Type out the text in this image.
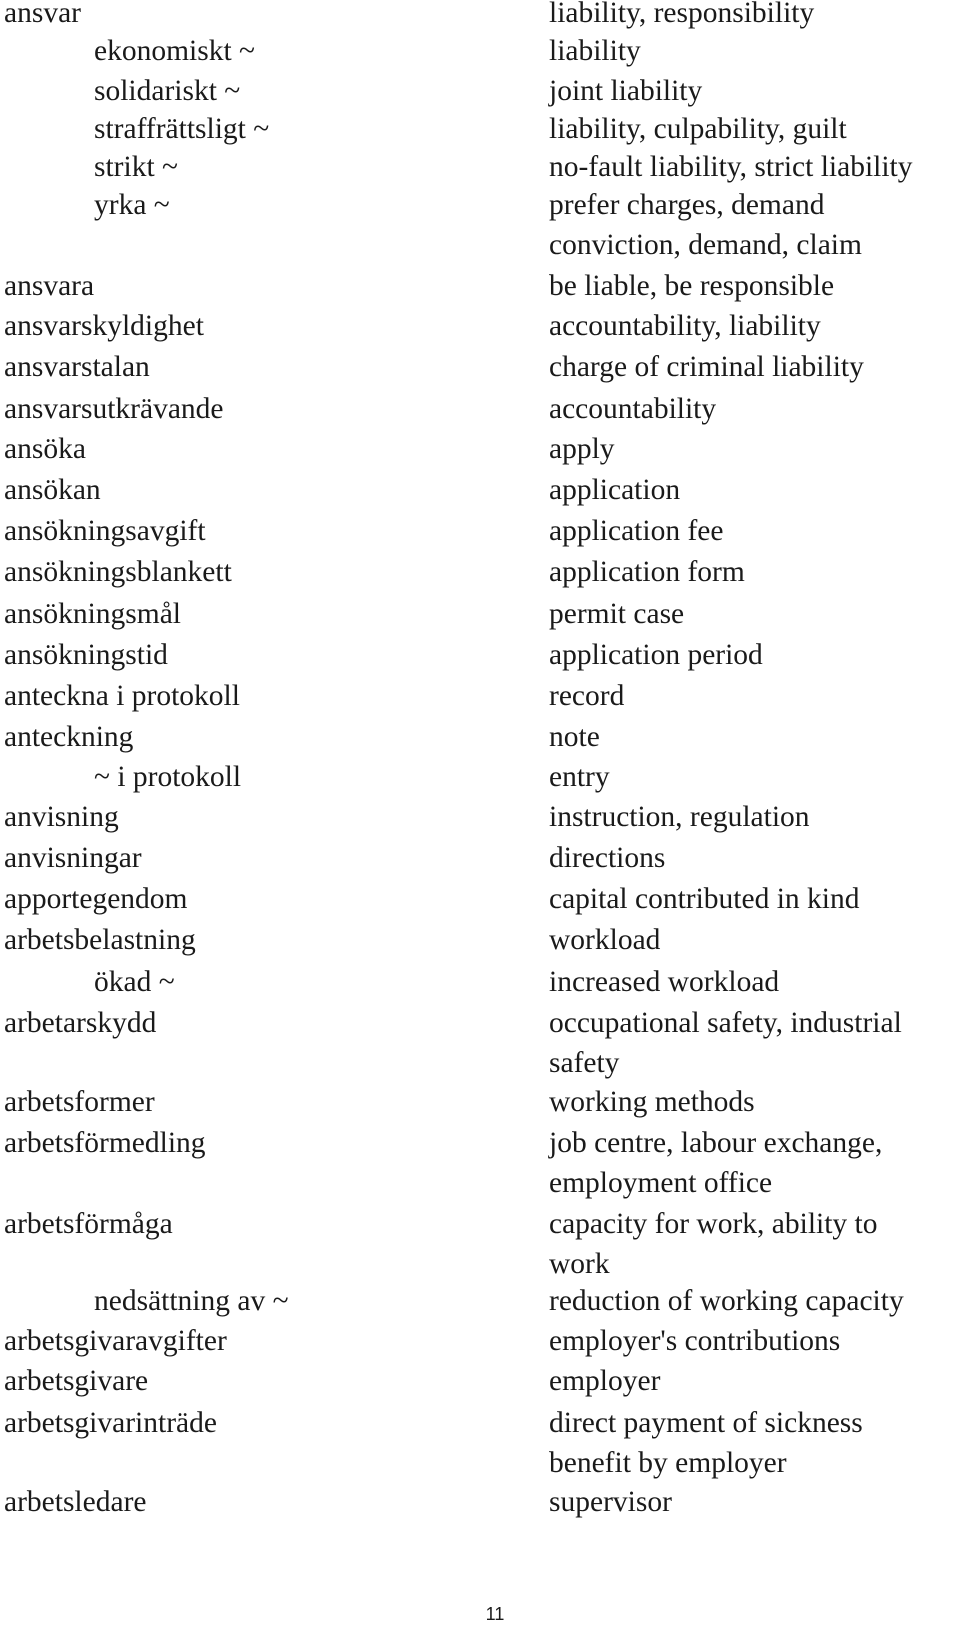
ansvar	liability, responsibility
ekonomiskt ~	liability
solidariskt ~	joint liability
straffrättsligt ~	liability, culpability, guilt
strikt ~	no-fault liability, strict liability
yrka ~	prefer charges, demand
conviction, demand, claim
ansvara	be liable, be responsible
ansvarskyldighet	accountability, liability
ansvarstalan	charge of criminal liability
ansvarsutkrävande	accountability
ansöka	apply
ansökan	application
ansökningsavgift	application fee
ansökningsblankett	application form
ansökningsmål	permit case
ansökningstid	application period
anteckna i protokoll	record
anteckning	note
~ i protokoll	entry
anvisning	instruction, regulation
anvisningar	directions
apportegendom	capital contributed in kind
arbetsbelastning	workload
ökad ~	increased workload
arbetarskydd	occupational safety, industrial
safety
arbetsformer	working methods
arbetsförmedling	job centre, labour exchange,
employment office
arbetsförmåga	capacity for work, ability to
work
nedsättning av ~	reduction of working capacity
arbetsgivaravgifter	employer's contributions
arbetsgivare	employer
arbetsgivarinträde	direct payment of sickness
benefit by employer
arbetsledare	supervisor
11
